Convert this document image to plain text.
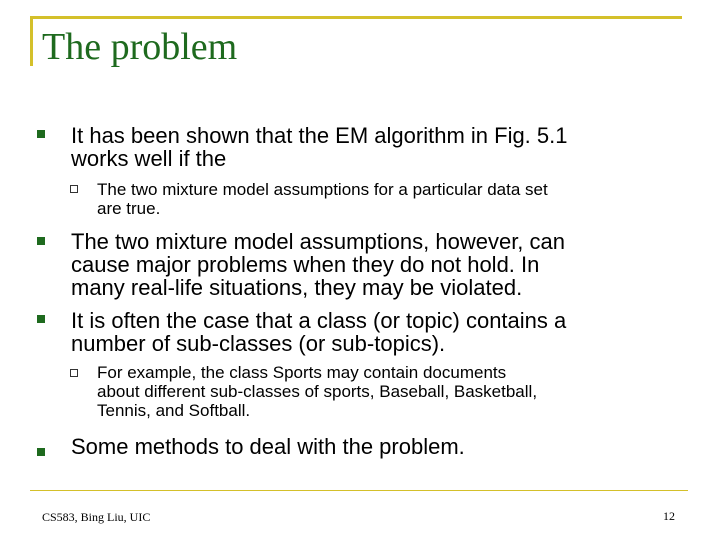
The problem
It has been shown that the EM algorithm in Fig. 5.1
works well if the
The two mixture model assumptions for a particular data set
are true.
The two mixture model assumptions, however, can
cause major problems when they do not hold. In
many real-life situations, they may be violated.
It is often the case that a class (or topic) contains a
number of sub-classes (or sub-topics).
For example, the class Sports may contain documents
about different sub-classes of sports, Baseball, Basketball,
Tennis, and Softball.
Some methods to deal with the problem.
CS583, Bing Liu, UIC	12
